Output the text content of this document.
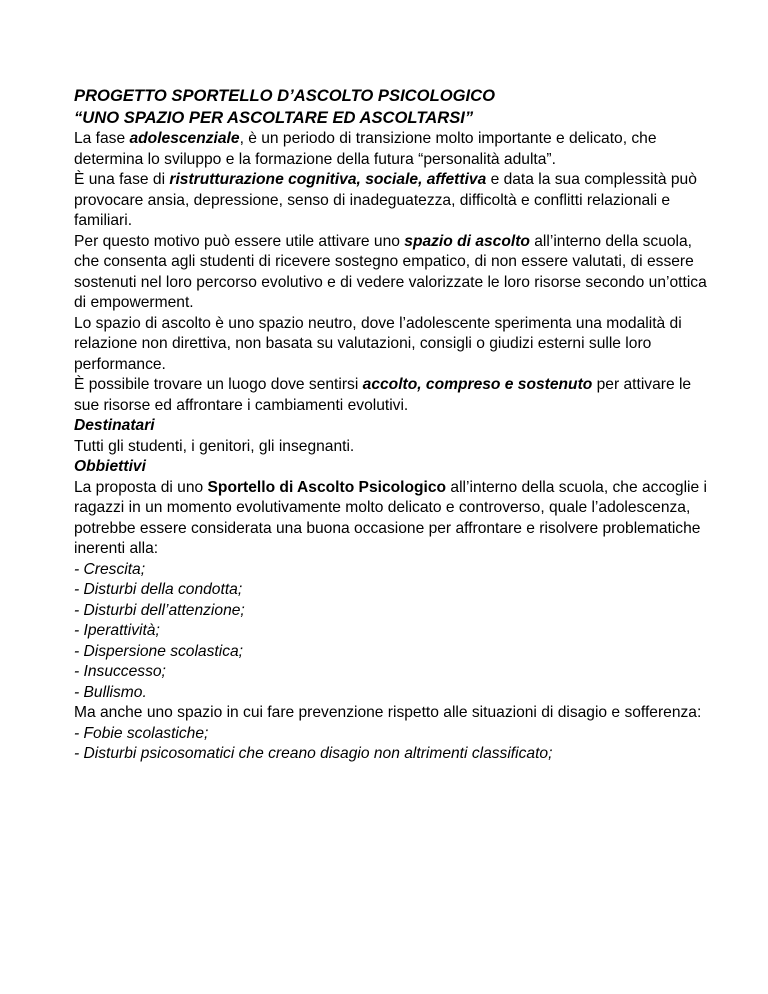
PROGETTO SPORTELLO D’ASCOLTO PSICOLOGICO

“UNO SPAZIO PER ASCOLTARE ED ASCOLTARSI”

La fase adolescenziale, è un periodo di transizione molto importante e delicato, che determina lo sviluppo e la formazione della futura “personalità adulta”.

È una fase di ristrutturazione cognitiva, sociale, affettiva e data la sua complessità può provocare ansia, depressione, senso di inadeguatezza, difficoltà e conflitti relazionali e familiari.

Per questo motivo può essere utile attivare uno spazio di ascolto all’interno della scuola, che consenta agli studenti di ricevere sostegno empatico, di non essere valutati, di essere sostenuti nel loro percorso evolutivo e di vedere valorizzate le loro risorse secondo un’ottica di empowerment.

Lo spazio di ascolto è uno spazio neutro, dove l’adolescente sperimenta una modalità di relazione non direttiva, non basata su valutazioni, consigli o giudizi esterni sulle loro performance.

È possibile trovare un luogo dove sentirsi accolto, compreso e sostenuto per attivare le sue risorse ed affrontare i cambiamenti evolutivi.

Destinatari

Tutti gli studenti, i genitori, gli insegnanti.

Obbiettivi

La proposta di uno Sportello di Ascolto Psicologico all’interno della scuola, che accoglie i ragazzi in un momento evolutivamente molto delicato e controverso, quale l’adolescenza, potrebbe essere considerata una buona occasione per affrontare e risolvere problematiche inerenti alla:

- Crescita;
- Disturbi della condotta;
- Disturbi dell’attenzione;
- Iperattività;
- Dispersione scolastica;
- Insuccesso;
- Bullismo.

Ma anche uno spazio in cui fare prevenzione rispetto alle situazioni di disagio e sofferenza:

- Fobie scolastiche;
- Disturbi psicosomatici che creano disagio non altrimenti classificato;
